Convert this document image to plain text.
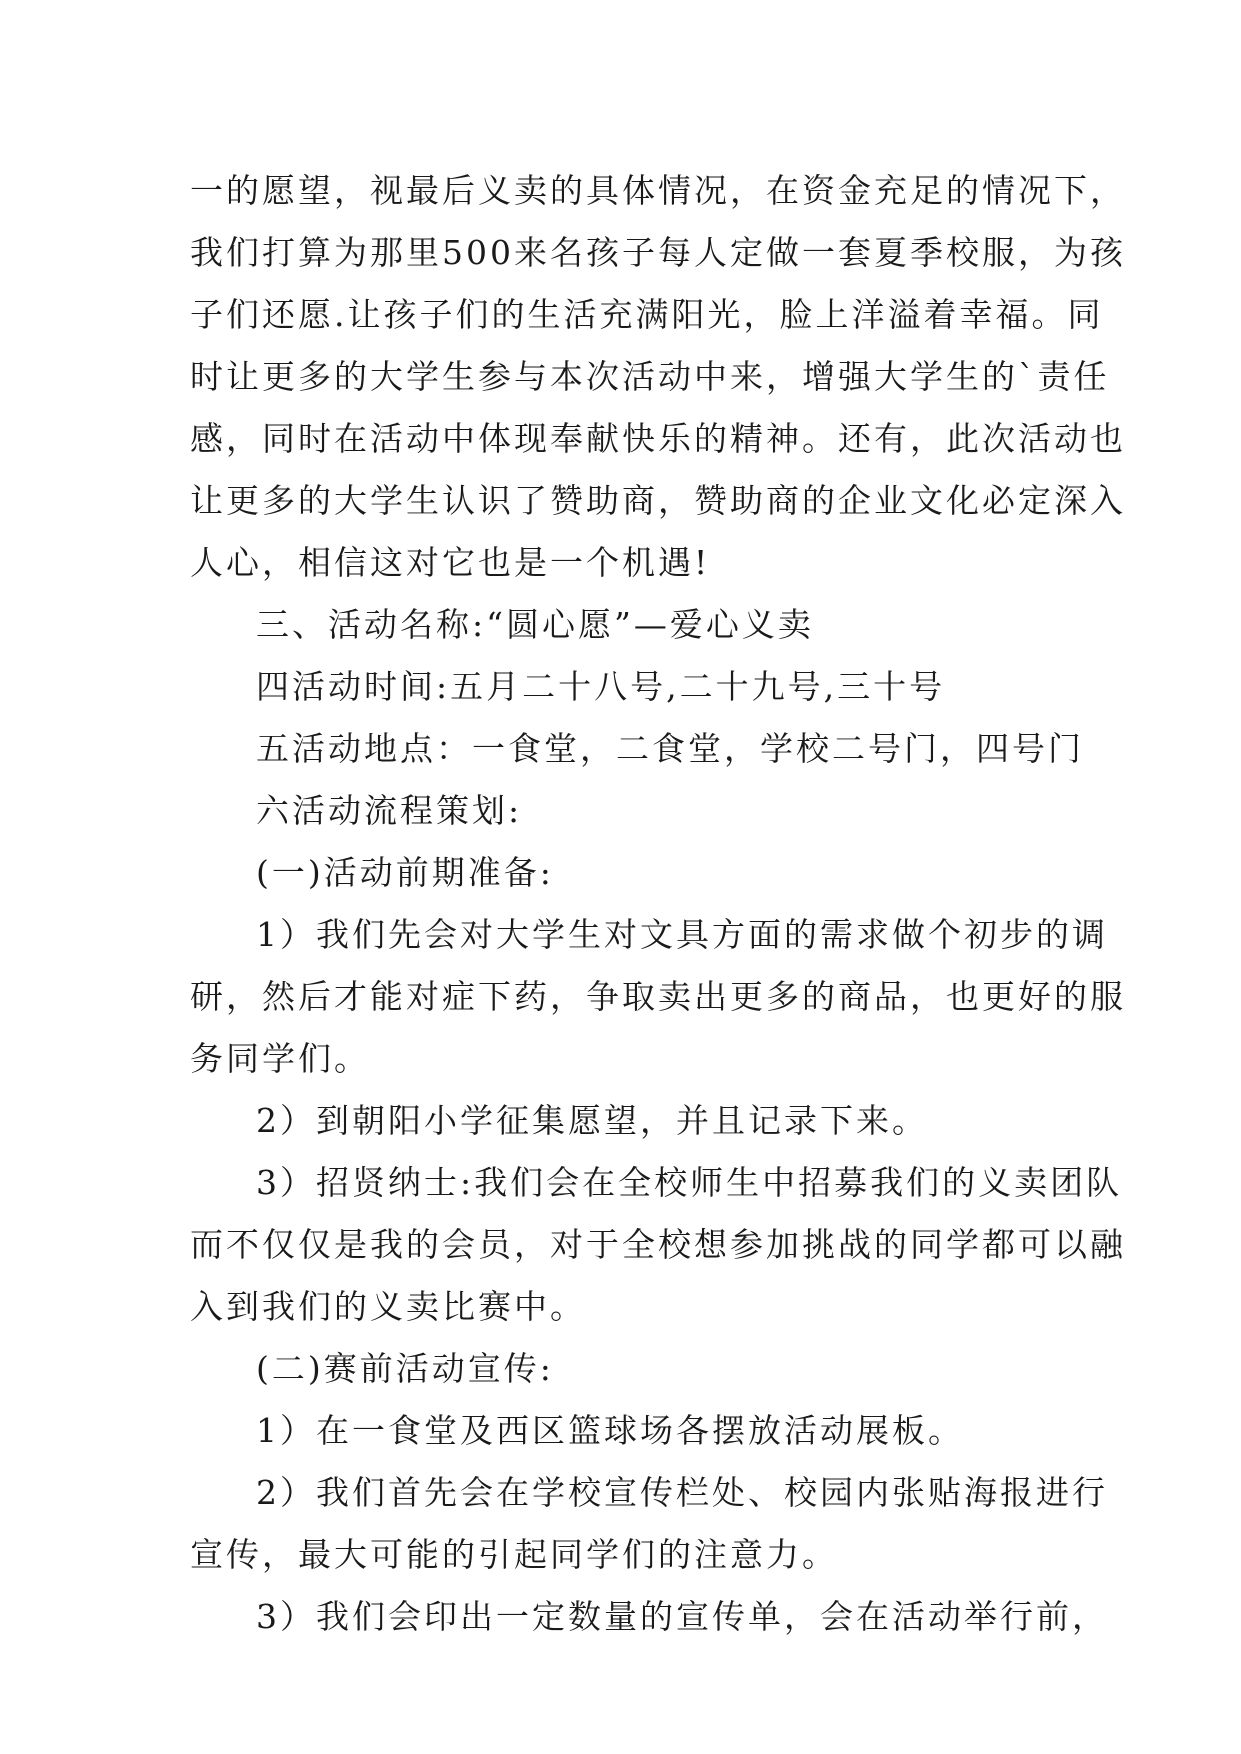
一的愿望，视最后义卖的具体情况，在资金充足的情况下，
我们打算为那里500来名孩子每人定做一套夏季校服，为孩
子们还愿.让孩子们的生活充满阳光，脸上洋溢着幸福。同
时让更多的大学生参与本次活动中来，增强大学生的`责任
感，同时在活动中体现奉献快乐的精神。还有，此次活动也
让更多的大学生认识了赞助商，赞助商的企业文化必定深入
人心，相信这对它也是一个机遇!

三、活动名称:“圆心愿”—爱心义卖

四活动时间:五月二十八号,二十九号,三十号

五活动地点：一食堂，二食堂，学校二号门，四号门

六活动流程策划:

(一)活动前期准备:

1）我们先会对大学生对文具方面的需求做个初步的调
研，然后才能对症下药，争取卖出更多的商品，也更好的服
务同学们。

2）到朝阳小学征集愿望，并且记录下来。

3）招贤纳士:我们会在全校师生中招募我们的义卖团队
而不仅仅是我的会员，对于全校想参加挑战的同学都可以融
入到我们的义卖比赛中。

(二)赛前活动宣传:

1）在一食堂及西区篮球场各摆放活动展板。

2）我们首先会在学校宣传栏处、校园内张贴海报进行
宣传，最大可能的引起同学们的注意力。

3）我们会印出一定数量的宣传单，会在活动举行前，
